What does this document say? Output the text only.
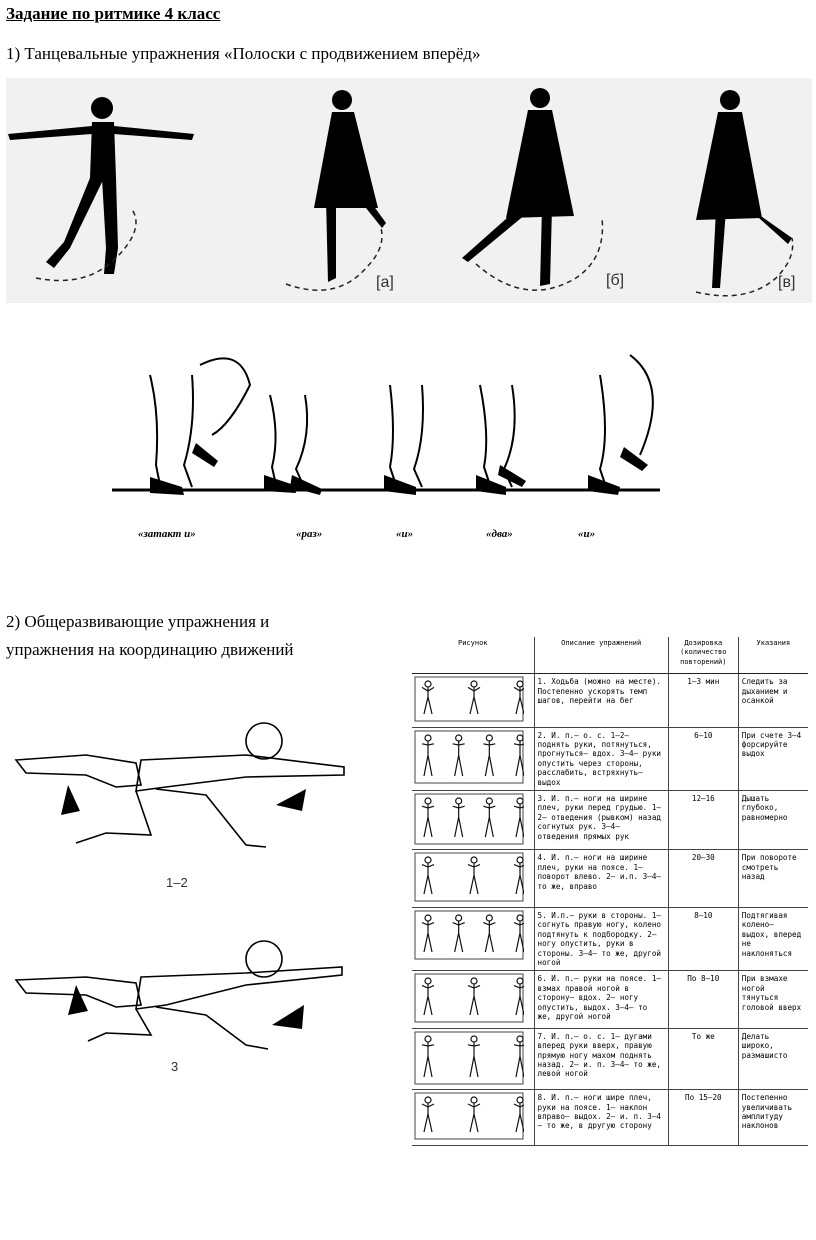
Задание по ритмике 4 класс
1) Танцевальные упражнения «Полоски с продвижением вперёд»
[а]	[б]	[в]
«затакт и»	«раз»	«и»	«два»	«и»
2) Общеразвивающие упражнения и
упражнения на координацию движений
1–2
3
Рисунок	Описание упражнений	Дозировка (количество повторений)	Указания
	1. Ходьба (можно на месте). Постепенно ускорять темп шагов, перейти на бег	1—3 мин	Следить за дыханием и осанкой
	2. И. п.— о. с. 1—2— поднять руки, потянуться, прогнуться— вдох. 3—4— руки опустить через стороны, расслабить, встряхнуть— выдох	6—10	При счете 3—4 форсируйте выдох
	3. И. п.— ноги на ширине плеч, руки перед грудью. 1—2— отведения (рывком) назад согнутых рук. 3—4— отведения прямых рук	12—16	Дышать глубоко, равномерно
	4. И. п.— ноги на ширине плеч, руки на поясе. 1— поворот влево. 2— и.п. 3—4— то же, вправо	20—30	При повороте смотреть назад
	5. И.п.— руки в стороны. 1— согнуть правую ногу, колено подтянуть к подбородку. 2— ногу опустить, руки в стороны. 3—4— то же, другой ногой	8—10	Подтягивая колено— выдох, вперед не наклоняться
	6. И. п.— руки на поясе. 1— взмах правой ногой в сторону— вдох. 2— ногу опустить, выдох. 3—4— то же, другой ногой	По 8—10	При взмахе ногой тянуться головой вверх
	7. И. п.— о. с. 1— дугами вперед руки вверх, правую прямую ногу махом поднять назад. 2— и. п. 3—4— то же, левой ногой	То же	Делать широко, размашисто
	8. И. п.— ноги шире плеч, руки на поясе. 1— наклон вправо— выдох. 2— и. п. 3—4— то же, в другую сторону	По 15—20	Постепенно увеличивать амплитуду наклонов
